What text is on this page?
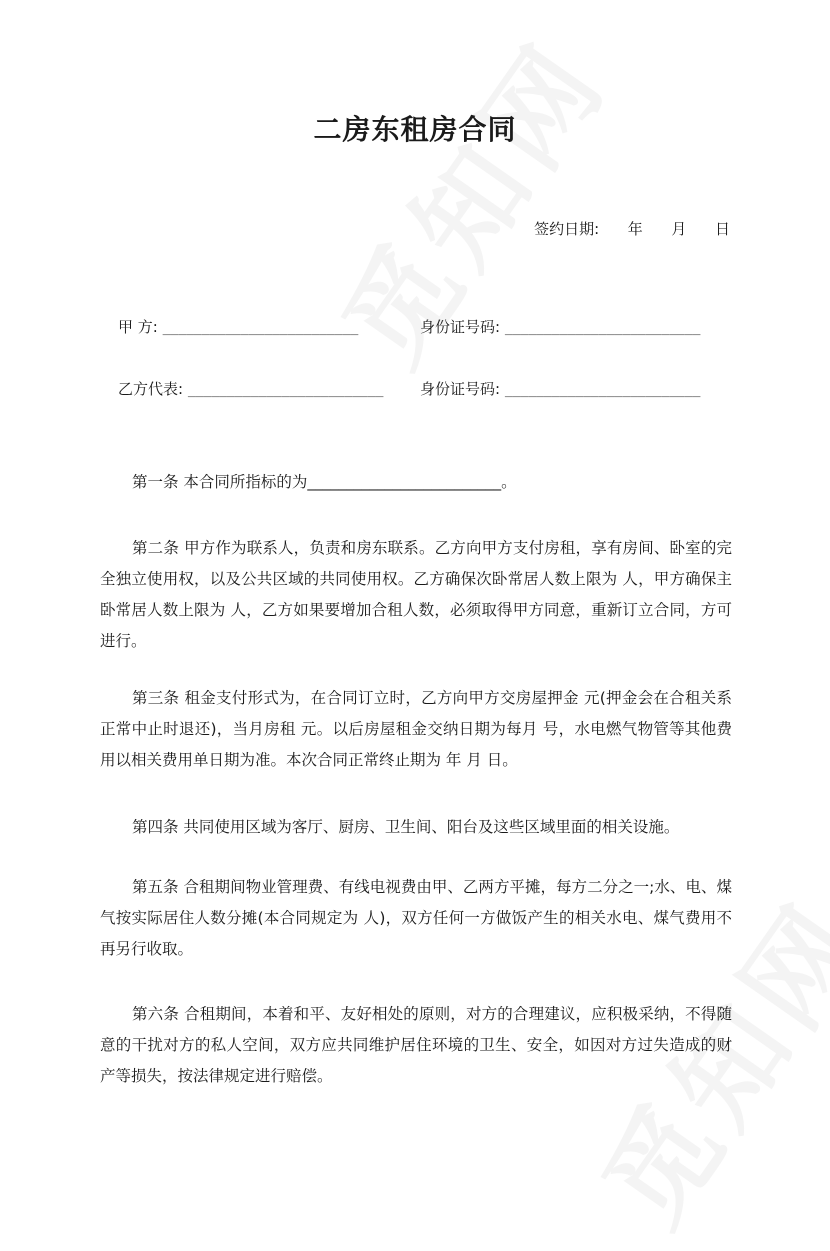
二房东租房合同
签约日期:      年      月      日
甲 方: _________________________	身份证号码: _________________________
乙方代表: _________________________ 身份证号码: _________________________

第一条 本合同所指标的为_________________________。

第二条 甲方作为联系人，负责和房东联系。乙方向甲方支付房租，享有房间、卧室的完全独立使用权，以及公共区域的共同使用权。乙方确保次卧常居人数上限为 人，甲方确保主卧常居人数上限为 人，乙方如果要增加合租人数，必须取得甲方同意，重新订立合同，方可进行。

第三条 租金支付形式为，在合同订立时，乙方向甲方交房屋押金 元(押金会在合租关系正常中止时退还)，当月房租 元。以后房屋租金交纳日期为每月 号，水电燃气物管等其他费用以相关费用单日期为准。本次合同正常终止期为 年 月 日。

第四条 共同使用区域为客厅、厨房、卫生间、阳台及这些区域里面的相关设施。

第五条 合租期间物业管理费、有线电视费由甲、乙两方平摊，每方二分之一;水、电、煤气按实际居住人数分摊(本合同规定为 人)，双方任何一方做饭产生的相关水电、煤气费用不再另行收取。

第六条 合租期间，本着和平、友好相处的原则，对方的合理建议，应积极采纳，不得随意的干扰对方的私人空间，双方应共同维护居住环境的卫生、安全，如因对方过失造成的财产等损失，按法律规定进行赔偿。
